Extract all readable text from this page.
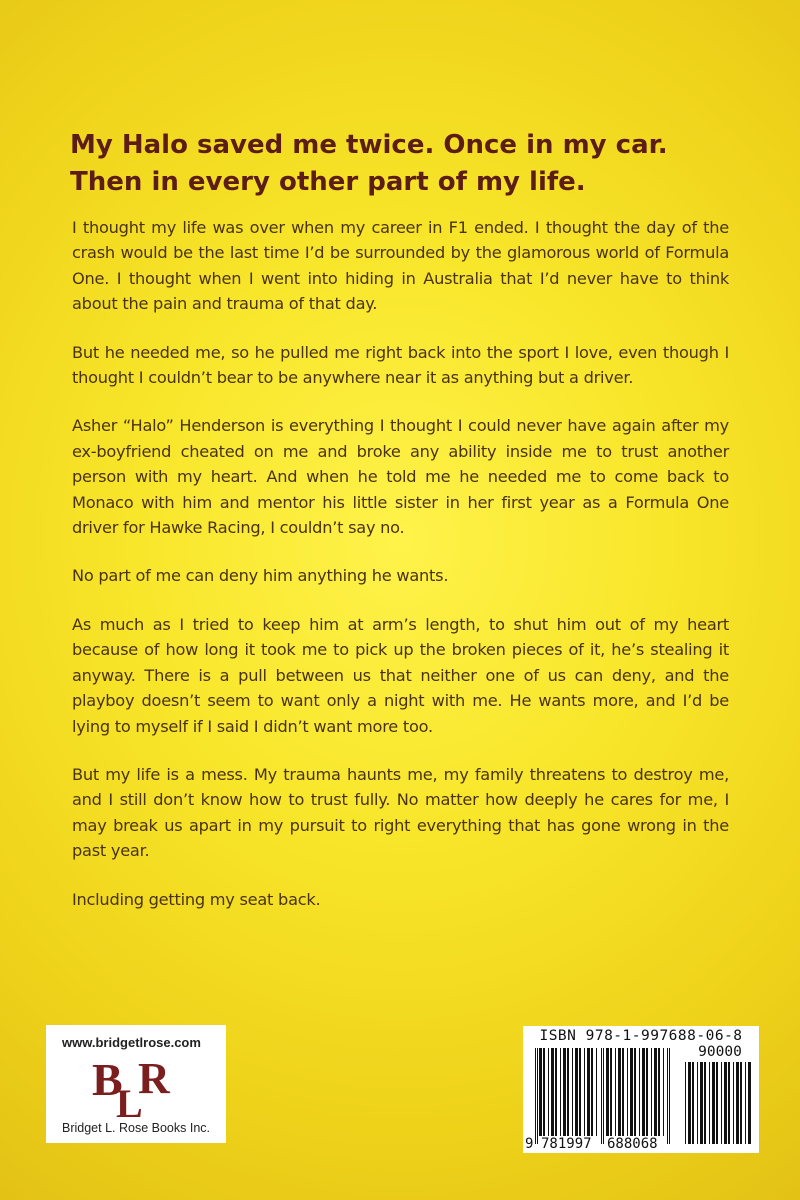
My Halo saved me twice. Once in my car.
Then in every other part of my life.

I thought my life was over when my career in F1 ended. I thought the day of the crash would be the last time I’d be surrounded by the glamorous world of Formula One. I thought when I went into hiding in Australia that I’d never have to think about the pain and trauma of that day.

But he needed me, so he pulled me right back into the sport I love, even though I thought I couldn’t bear to be anywhere near it as anything but a driver.

Asher “Halo” Henderson is everything I thought I could never have again after my ex-boyfriend cheated on me and broke any ability inside me to trust another person with my heart. And when he told me he needed me to come back to Monaco with him and mentor his little sister in her first year as a Formula One driver for Hawke Racing, I couldn’t say no.

No part of me can deny him anything he wants.

As much as I tried to keep him at arm’s length, to shut him out of my heart because of how long it took me to pick up the broken pieces of it, he’s stealing it anyway. There is a pull between us that neither one of us can deny, and the playboy doesn’t seem to want only a night with me. He wants more, and I’d be lying to myself if I said I didn’t want more too.

But my life is a mess. My trauma haunts me, my family threatens to destroy me, and I still don’t know how to trust fully. No matter how deeply he cares for me, I may break us apart in my pursuit to right everything that has gone wrong in the past year.

Including getting my seat back.

www.bridgetlrose.com
B R
L
Bridget L. Rose Books Inc.
ISBN 978-1-997688-06-8
90000
9 781997 688068
